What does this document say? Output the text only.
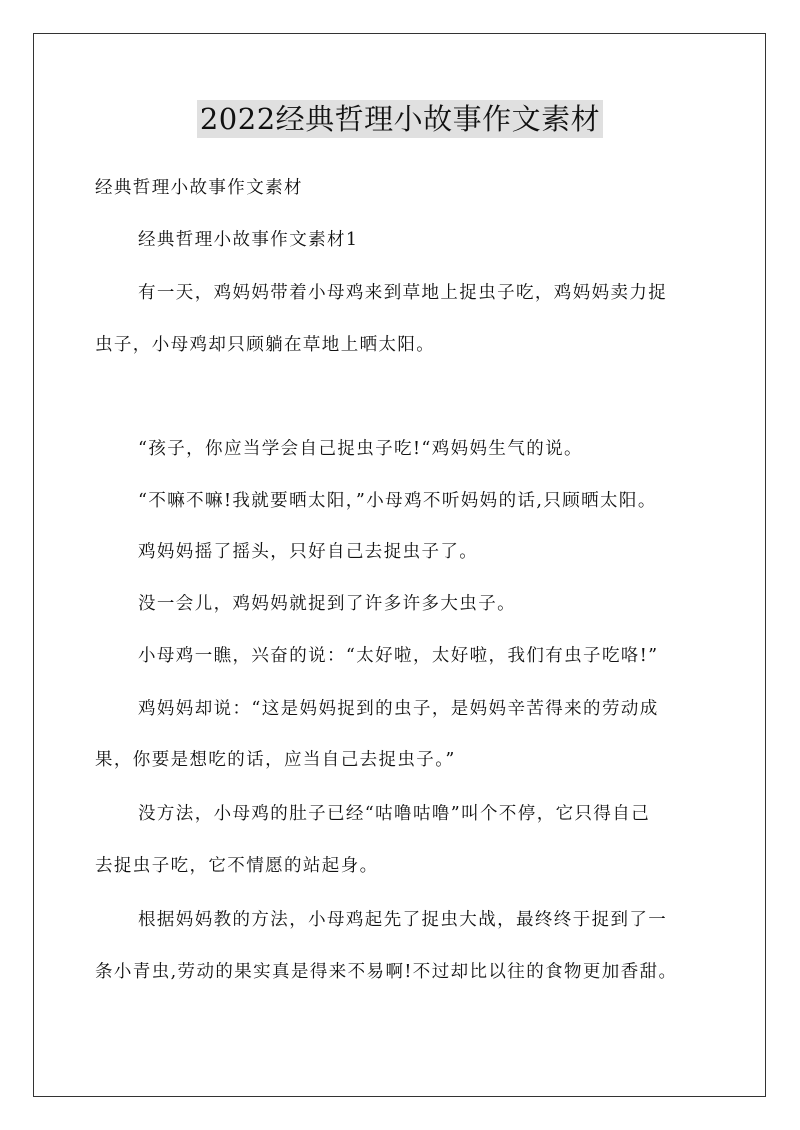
2022经典哲理小故事作文素材
经典哲理小故事作文素材
经典哲理小故事作文素材1
有一天，鸡妈妈带着小母鸡来到草地上捉虫子吃，鸡妈妈卖力捉
虫子，小母鸡却只顾躺在草地上晒太阳。
“孩子，你应当学会自己捉虫子吃!“鸡妈妈生气的说。
“不嘛不嘛!我就要晒太阳，”小母鸡不听妈妈的话,只顾晒太阳。
鸡妈妈摇了摇头，只好自己去捉虫子了。
没一会儿，鸡妈妈就捉到了许多许多大虫子。
小母鸡一瞧，兴奋的说：“太好啦，太好啦，我们有虫子吃咯!”
鸡妈妈却说：“这是妈妈捉到的虫子，是妈妈辛苦得来的劳动成
果，你要是想吃的话，应当自己去捉虫子。”
没方法，小母鸡的肚子已经“咕噜咕噜”叫个不停，它只得自己
去捉虫子吃，它不情愿的站起身。
根据妈妈教的方法，小母鸡起先了捉虫大战，最终终于捉到了一
条小青虫,劳动的果实真是得来不易啊!不过却比以往的食物更加香甜。
